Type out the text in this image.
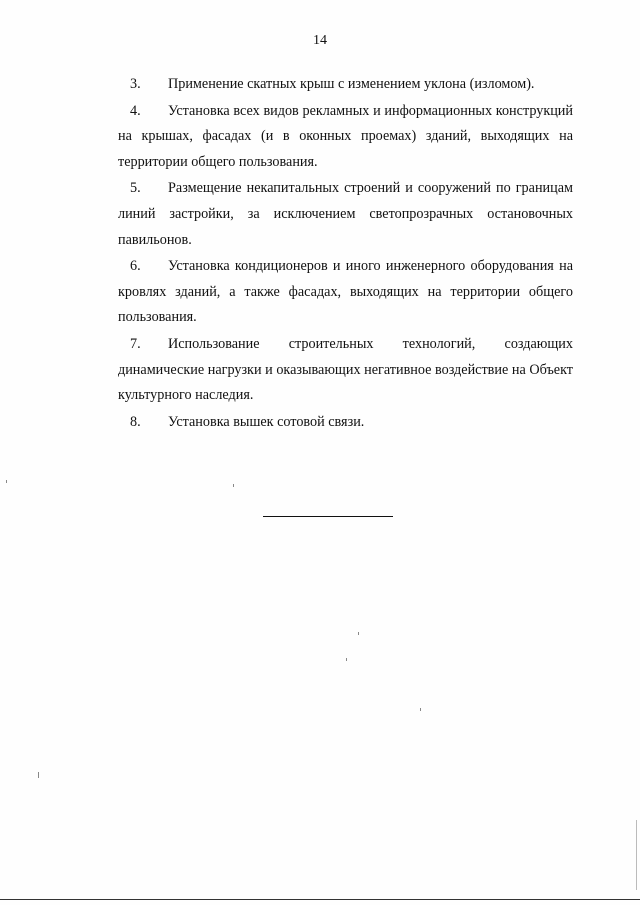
14

3. Применение скатных крыш с изменением уклона (изломом).

4. Установка всех видов рекламных и информационных конструкций на крышах, фасадах (и в оконных проемах) зданий, выходящих на территории общего пользования.

5. Размещение некапитальных строений и сооружений по границам линий застройки, за исключением светопрозрачных остановочных павильонов.

6. Установка кондиционеров и иного инженерного оборудования на кровлях зданий, а также фасадах, выходящих на территории общего пользования.

7. Использование строительных технологий, создающих динамические нагрузки и оказывающих негативное воздействие на Объект культурного наследия.

8. Установка вышек сотовой связи.
